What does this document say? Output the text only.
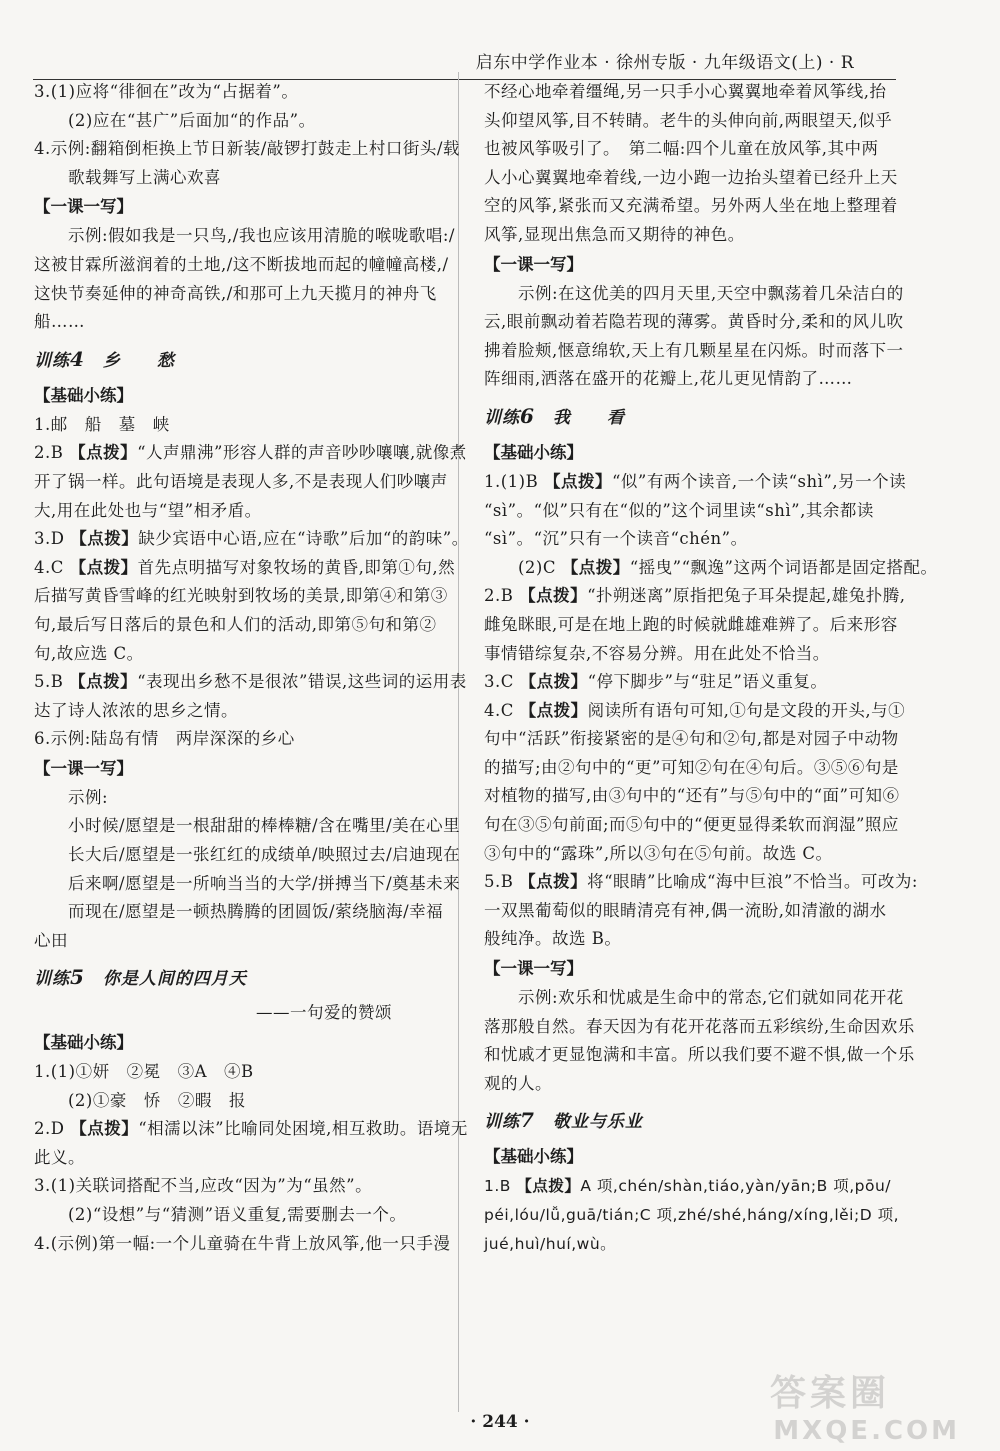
启东中学作业本 · 徐州专版 · 九年级语文(上) · R
3.(1)应将“徘徊在”改为“占据着”。
(2)应在“甚广”后面加“的作品”。
4.示例:翻箱倒柜换上节日新装/敲锣打鼓走上村口街头/载
歌载舞写上满心欢喜
【一课一写】
示例:假如我是一只鸟,/我也应该用清脆的喉咙歌唱:/
这被甘霖所滋润着的土地,/这不断拔地而起的幢幢高楼,/
这快节奏延伸的神奇高铁,/和那可上九天揽月的神舟飞
船……
训练4　 乡　　愁
【基础小练】
1.邮　船　墓　峡
2.B 【点拨】“人声鼎沸”形容人群的声音吵吵嚷嚷,就像煮
开了锅一样。此句语境是表现人多,不是表现人们吵嚷声
大,用在此处也与“望”相矛盾。
3.D 【点拨】缺少宾语中心语,应在“诗歌”后加“的韵味”。
4.C 【点拨】首先点明描写对象牧场的黄昏,即第①句,然
后描写黄昏雪峰的红光映射到牧场的美景,即第④和第③
句,最后写日落后的景色和人们的活动,即第⑤句和第②
句,故应选 C。
5.B 【点拨】“表现出乡愁不是很浓”错误,这些词的运用表
达了诗人浓浓的思乡之情。
6.示例:陆岛有情　两岸深深的乡心
【一课一写】
示例:
小时候/愿望是一根甜甜的棒棒糖/含在嘴里/美在心里
长大后/愿望是一张红红的成绩单/映照过去/启迪现在
后来啊/愿望是一所响当当的大学/拼搏当下/奠基未来
而现在/愿望是一顿热腾腾的团圆饭/萦绕脑海/幸福
心田
训练5　 你是人间的四月天
——一句爱的赞颂
【基础小练】
1.(1)①妍　②冕　③A　④B
(2)①豪　㤭　②暇　报
2.D 【点拨】“相濡以沫”比喻同处困境,相互救助。语境无
此义。
3.(1)关联词搭配不当,应改“因为”为“虽然”。
(2)“设想”与“猜测”语义重复,需要删去一个。
4.(示例)第一幅:一个儿童骑在牛背上放风筝,他一只手漫
不经心地牵着缰绳,另一只手小心翼翼地牵着风筝线,抬
头仰望风筝,目不转睛。老牛的头伸向前,两眼望天,似乎
也被风筝吸引了。　第二幅:四个儿童在放风筝,其中两
人小心翼翼地牵着线,一边小跑一边抬头望着已经升上天
空的风筝,紧张而又充满希望。另外两人坐在地上整理着
风筝,显现出焦急而又期待的神色。
【一课一写】
示例:在这优美的四月天里,天空中飘荡着几朵洁白的
云,眼前飘动着若隐若现的薄雾。黄昏时分,柔和的风儿吹
拂着脸颊,惬意绵软,天上有几颗星星在闪烁。时而落下一
阵细雨,洒落在盛开的花瓣上,花儿更见情韵了……
训练6　 我　　看
【基础小练】
1.(1)B 【点拨】“似”有两个读音,一个读“shì”,另一个读
“sì”。“似”只有在“似的”这个词里读“shì”,其余都读
“sì”。“沉”只有一个读音“chén”。
(2)C 【点拨】“摇曳”“飘逸”这两个词语都是固定搭配。
2.B 【点拨】“扑朔迷离”原指把兔子耳朵提起,雄兔扑腾,
雌兔眯眼,可是在地上跑的时候就雌雄难辨了。后来形容
事情错综复杂,不容易分辨。用在此处不恰当。
3.C 【点拨】“停下脚步”与“驻足”语义重复。
4.C 【点拨】阅读所有语句可知,①句是文段的开头,与①
句中“活跃”衔接紧密的是④句和②句,都是对园子中动物
的描写;由②句中的“更”可知②句在④句后。③⑤⑥句是
对植物的描写,由③句中的“还有”与⑤句中的“面”可知⑥
句在③⑤句前面;而⑤句中的“便更显得柔软而润湿”照应
③句中的“露珠”,所以③句在⑤句前。故选 C。
5.B 【点拨】将“眼睛”比喻成“海中巨浪”不恰当。可改为:
一双黑葡萄似的眼睛清亮有神,偶一流盼,如清澈的湖水
般纯净。故选 B。
【一课一写】
示例:欢乐和忧戚是生命中的常态,它们就如同花开花
落那般自然。春天因为有花开花落而五彩缤纷,生命因欢乐
和忧戚才更显饱满和丰富。所以我们要不避不惧,做一个乐
观的人。
训练7　 敬业与乐业
【基础小练】
1.B 【点拨】A 项,chén/shàn,tiáo,yàn/yān;B 项,pōu/
péi,lóu/lǚ,guā/tián;C 项,zhé/shé,háng/xíng,lěi;D 项,
jué,huì/huí,wù。
· 244 ·
答案圈
MXQE.COM
